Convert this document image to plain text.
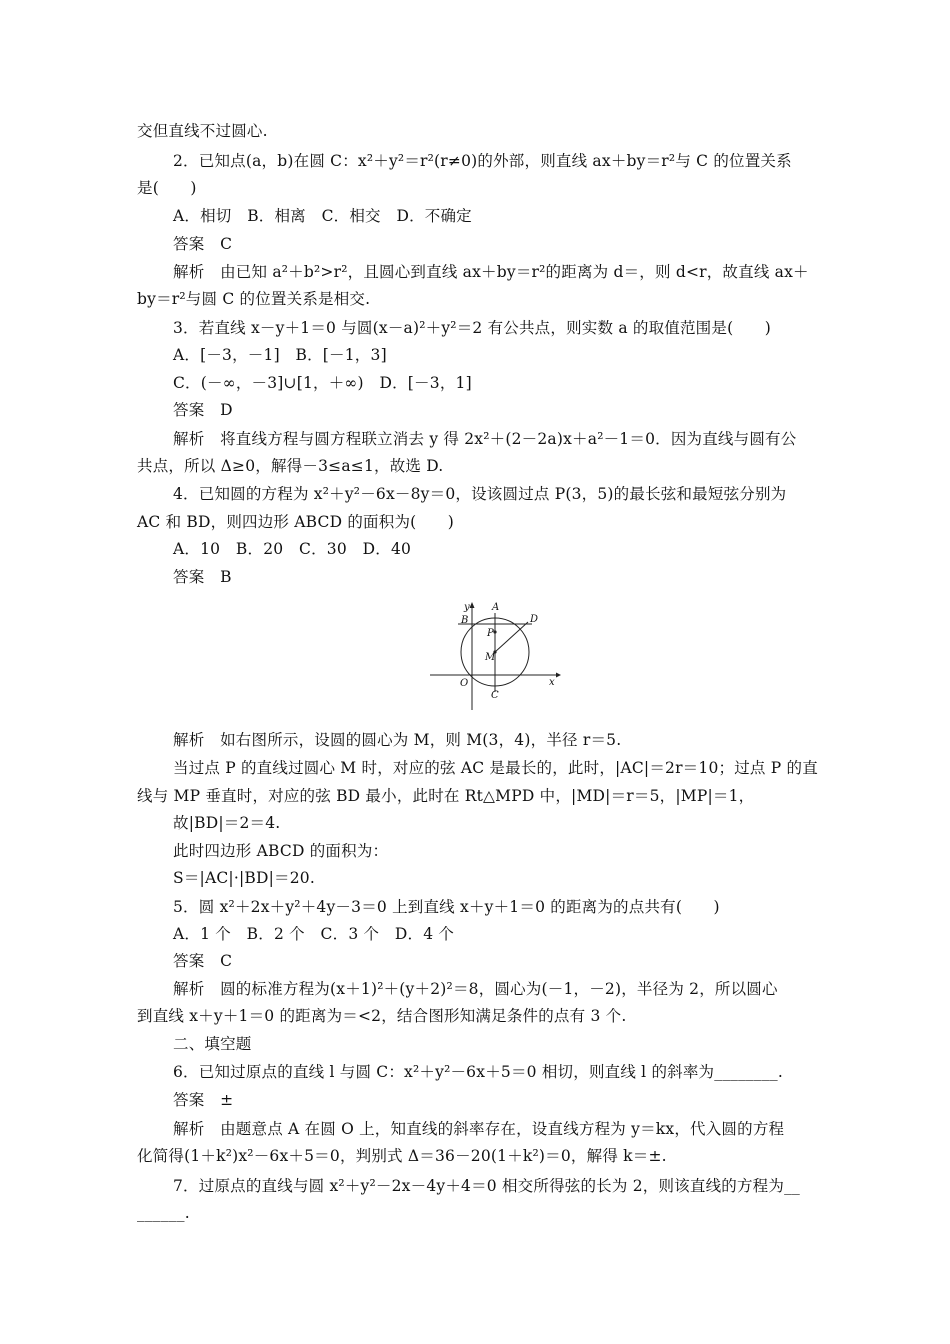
交但直线不过圆心.
2．已知点(a，b)在圆 C：x²＋y²＝r²(r≠0)的外部，则直线 ax＋by＝r²与 C 的位置关系
是(　　)
A．相切　B．相离　C．相交　D．不确定
答案　C
解析　由已知 a²＋b²>r²，且圆心到直线 ax＋by＝r²的距离为 d＝，则 d<r，故直线 ax＋
by＝r²与圆 C 的位置关系是相交.
3．若直线 x－y＋1＝0 与圆(x－a)²＋y²＝2 有公共点，则实数 a 的取值范围是(　　)
A．[－3，－1]　B．[－1，3]
C．(－∞，－3]∪[1，＋∞)　D．[－3，1]
答案　D
解析　将直线方程与圆方程联立消去 y 得 2x²＋(2－2a)x＋a²－1＝0．因为直线与圆有公
共点，所以 Δ≥0，解得－3≤a≤1，故选 D.
4．已知圆的方程为 x²＋y²－6x－8y＝0，设该圆过点 P(3，5)的最长弦和最短弦分别为
AC 和 BD，则四边形 ABCD 的面积为(　　)
A．10　B．20　C．30　D．40
答案　B
解析　如右图所示，设圆的圆心为 M，则 M(3，4)，半径 r＝5.
当过点 P 的直线过圆心 M 时，对应的弦 AC 是最长的，此时，|AC|＝2r＝10；过点 P 的直
线与 MP 垂直时，对应的弦 BD 最小，此时在 Rt△MPD 中，|MD|＝r＝5，|MP|＝1，
故|BD|＝2＝4.
此时四边形 ABCD 的面积为：
S＝|AC|·|BD|＝20.
5．圆 x²＋2x＋y²＋4y－3＝0 上到直线 x＋y＋1＝0 的距离为的点共有(　　)
A．1 个　B．2 个　C．3 个　D．4 个
答案　C
解析　圆的标准方程为(x＋1)²＋(y＋2)²＝8，圆心为(－1，－2)，半径为 2，所以圆心
到直线 x＋y＋1＝0 的距离为＝<2，结合图形知满足条件的点有 3 个.
二、填空题
6．已知过原点的直线 l 与圆 C：x²＋y²－6x＋5＝0 相切，则直线 l 的斜率为________.
答案　±
解析　由题意点 A 在圆 O 上，知直线的斜率存在，设直线方程为 y＝kx，代入圆的方程
化简得(1＋k²)x²－6x＋5＝0，判别式 Δ＝36－20(1＋k²)＝0，解得 k＝±.
7．过原点的直线与圆 x²＋y²－2x－4y＋4＝0 相交所得弦的长为 2，则该直线的方程为__
______.
y A
B	D
P
M
O
C
x
